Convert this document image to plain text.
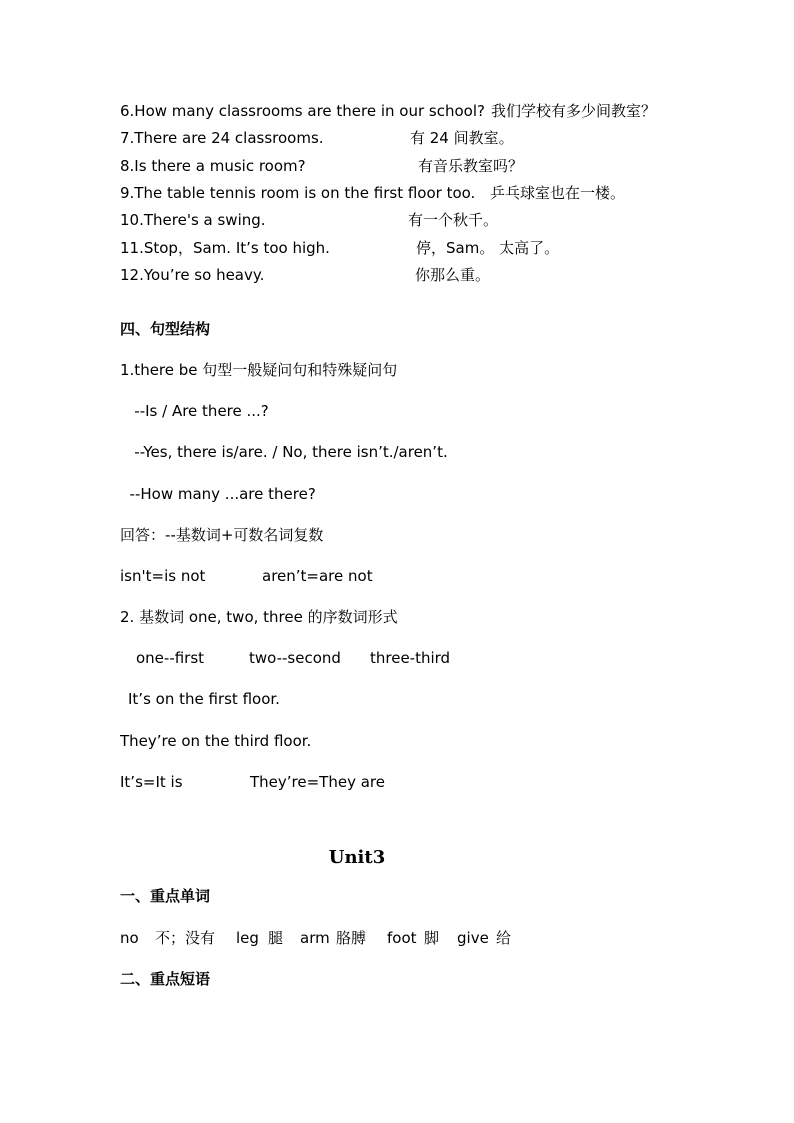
6.How many classrooms are there in our school? 我们学校有多少间教室？
7.There are 24 classrooms.	有 24 间教室。
8.Is there a music room?	有音乐教室吗？
9.The table tennis room is on the first floor too. 乒乓球室也在一楼。
10.There's a swing.	有一个秋千。
11.Stop，Sam. It’s too high.	停，Sam。 太高了。
12.You’re so heavy.	你那么重。
四、句型结构
1.there be 句型一般疑问句和特殊疑问句
--Is / Are there ...?
--Yes, there is/are. / No, there isn’t./aren’t.
--How many ...are there?
回答：--基数词+可数名词复数
isn't=is not	aren’t=are not
2. 基数词 one, two, three 的序数词形式
one--first	two--second three-third
It’s on the first floor.
They’re on the third floor.
It’s=It is	They’re=They are
Unit3
一、重点单词
no 不；没有 leg 腿 arm 胳膊 foot 脚 give 给
二、重点短语
